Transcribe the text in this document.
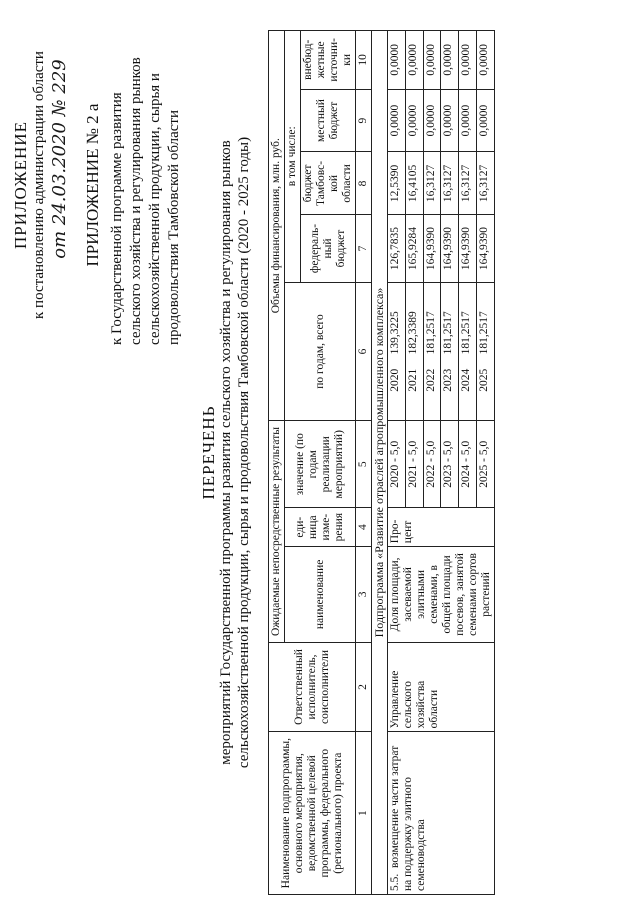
ПРИЛОЖЕНИЕ к постановлению администрации области от 24.03.2020 № 229 ПРИЛОЖЕНИЕ № 2 а к Государственной программе развития сельского хозяйства и регулирования рынков сельскохозяйственной продукции, сырья и продовольствия Тамбовской области
ПЕРЕЧЕНЬ мероприятий Государственной программы развития сельского хозяйства и регулирования рынков сельскохозяйственной продукции, сырья и продовольствия Тамбовской области (2020 - 2025 годы)
Наименование подпрограммы, основного мероприятия, ведомственной целевой программы, федерального (регионального) проекта	Ответственный исполнитель, соисполнители	Ожидаемые непосредственные результаты			Объемы финансирования, млн. руб.				
		наименование	еди-ница изме-рения	значение (по годам реализации мероприятий)	по годам, всего	в том числе:			
						федераль-ный бюджет	бюджет Тамбовс-кой области	местный бюджет	внебюд-жетные источни-ки
1	2	3	4	5	6	7	8	9	10
Подпрограмма «Развитие отраслей агропромышленного комплекса»									
5.5.  возмещение части затрат на поддержку элитного семеноводства	Управление сельского хозяйства области	Доля площади, засеваемой элитными семенами, в общей площади посевов, занятой семенами сортов растений	Про-цент	2020 - 5,0	2020     139,3225	126,7835	12,5390	0,0000	0,0000
				2021 - 5,0	2021     182,3389	165,9284	16,4105	0,0000	0,0000
				2022 - 5,0	2022     181,2517	164,9390	16,3127	0,0000	0,0000
				2023 - 5,0	2023     181,2517	164,9390	16,3127	0,0000	0,0000
				2024 - 5,0	2024     181,2517	164,9390	16,3127	0,0000	0,0000
				2025 - 5,0	2025     181,2517	164,9390	16,3127	0,0000	0,0000
